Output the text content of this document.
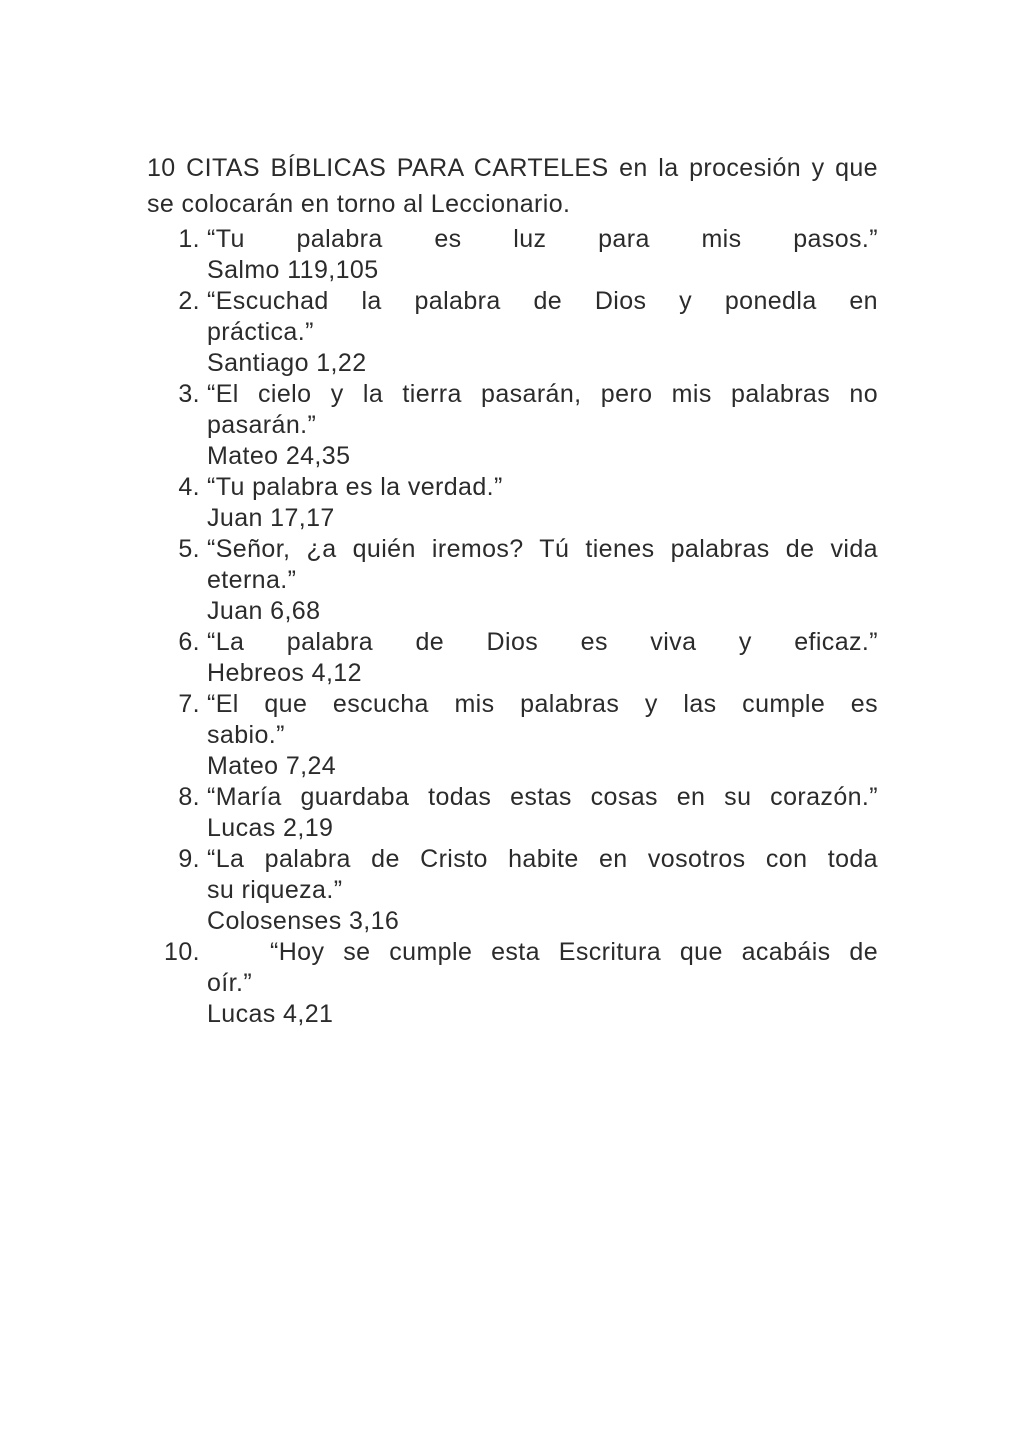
10 CITAS BÍBLICAS PARA CARTELES en la procesión y que
se colocarán en torno al Leccionario.
1. “Tu palabra es luz para mis pasos.”
Salmo 119,105
2. “Escuchad la palabra de Dios y ponedla en
práctica.”
Santiago 1,22
3. “El cielo y la tierra pasarán, pero mis palabras no
pasarán.”
Mateo 24,35
4. “Tu palabra es la verdad.”
Juan 17,17
5. “Señor, ¿a quién iremos? Tú tienes palabras de vida
eterna.”
Juan 6,68
6. “La palabra de Dios es viva y eficaz.”
Hebreos 4,12
7. “El que escucha mis palabras y las cumple es
sabio.”
Mateo 7,24
8. “María guardaba todas estas cosas en su corazón.”
Lucas 2,19
9. “La palabra de Cristo habite en vosotros con toda
su riqueza.”
Colosenses 3,16
10.	“Hoy se cumple esta Escritura que acabáis de
oír.”
Lucas 4,21
